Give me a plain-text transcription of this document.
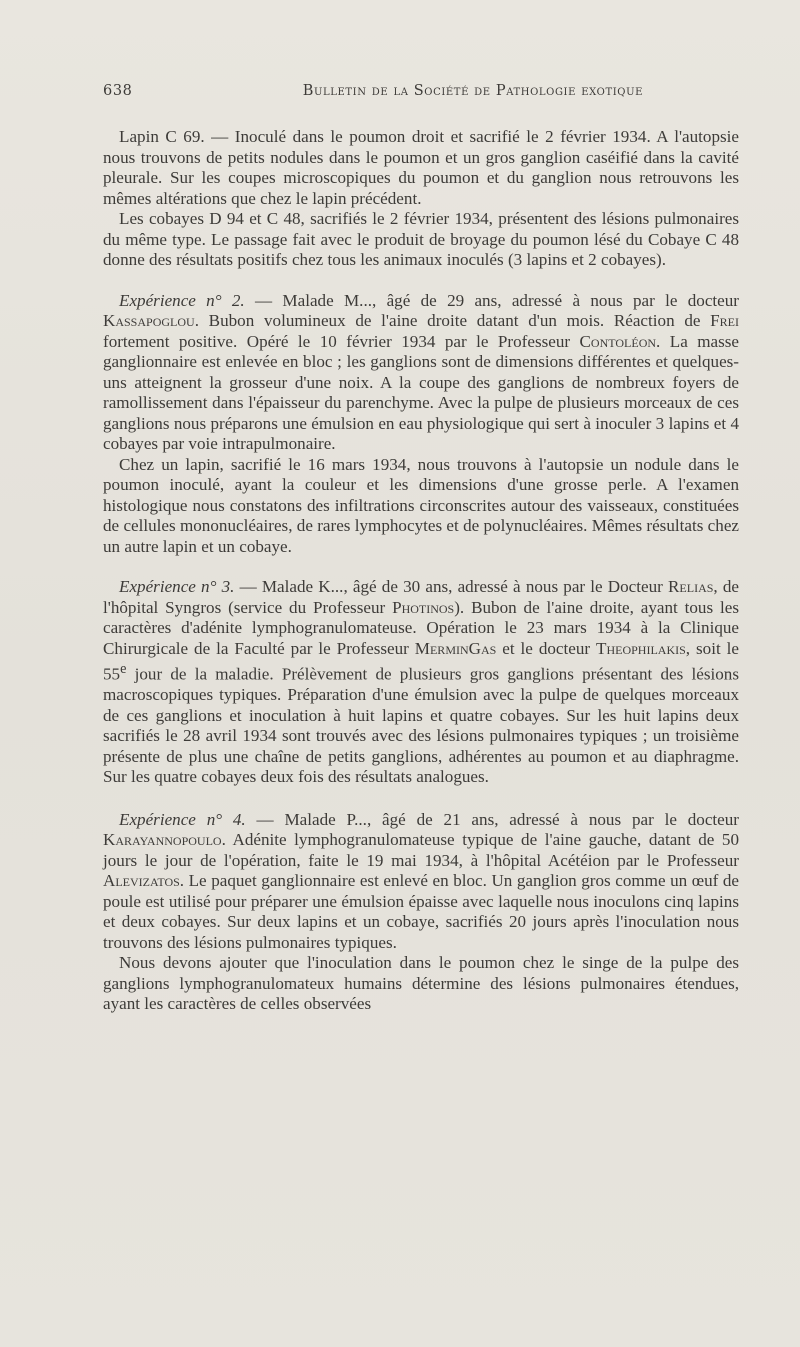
638	Bulletin de la Société de Pathologie exotique

Lapin C 69. — Inoculé dans le poumon droit et sacrifié le 2 février 1934. A l'autopsie nous trouvons de petits nodules dans le poumon et un gros ganglion caséifié dans la cavité pleurale. Sur les coupes microscopiques du poumon et du ganglion nous retrouvons les mêmes altérations que chez le lapin précédent.

Les cobayes D 94 et C 48, sacrifiés le 2 février 1934, présentent des lésions pulmonaires du même type. Le passage fait avec le produit de broyage du poumon lésé du Cobaye C 48 donne des résultats positifs chez tous les animaux inoculés (3 lapins et 2 cobayes).

Expérience n° 2. — Malade M..., âgé de 29 ans, adressé à nous par le docteur Kassapoglou. Bubon volumineux de l'aine droite datant d'un mois. Réaction de Frei fortement positive. Opéré le 10 février 1934 par le Professeur Contoléon. La masse ganglionnaire est enlevée en bloc ; les ganglions sont de dimensions différentes et quelques-uns atteignent la grosseur d'une noix. A la coupe des ganglions de nombreux foyers de ramollissement dans l'épaisseur du parenchyme. Avec la pulpe de plusieurs morceaux de ces ganglions nous préparons une émulsion en eau physiologique qui sert à inoculer 3 lapins et 4 cobayes par voie intrapulmonaire.

Chez un lapin, sacrifié le 16 mars 1934, nous trouvons à l'autopsie un nodule dans le poumon inoculé, ayant la couleur et les dimensions d'une grosse perle. A l'examen histologique nous constatons des infiltrations circonscrites autour des vaisseaux, constituées de cellules mononucléaires, de rares lymphocytes et de polynucléaires. Mêmes résultats chez un autre lapin et un cobaye.

Expérience n° 3. — Malade K..., âgé de 30 ans, adressé à nous par le Docteur Relias, de l'hôpital Syngros (service du Professeur Photinos). Bubon de l'aine droite, ayant tous les caractères d'adénite lymphogranulomateuse. Opération le 23 mars 1934 à la Clinique Chirurgicale de la Faculté par le Professeur MerminGas et le docteur Theophilakis, soit le 55e jour de la maladie. Prélèvement de plusieurs gros ganglions présentant des lésions macroscopiques typiques. Préparation d'une émulsion avec la pulpe de quelques morceaux de ces ganglions et inoculation à huit lapins et quatre cobayes. Sur les huit lapins deux sacrifiés le 28 avril 1934 sont trouvés avec des lésions pulmonaires typiques ; un troisième présente de plus une chaîne de petits ganglions, adhérentes au poumon et au diaphragme. Sur les quatre cobayes deux fois des résultats analogues.

Expérience n° 4. — Malade P..., âgé de 21 ans, adressé à nous par le docteur Karayannopoulo. Adénite lymphogranulomateuse typique de l'aine gauche, datant de 50 jours le jour de l'opération, faite le 19 mai 1934, à l'hôpital Acétéion par le Professeur Alevizatos. Le paquet ganglionnaire est enlevé en bloc. Un ganglion gros comme un œuf de poule est utilisé pour préparer une émulsion épaisse avec laquelle nous inoculons cinq lapins et deux cobayes. Sur deux lapins et un cobaye, sacrifiés 20 jours après l'inoculation nous trouvons des lésions pulmonaires typiques.

Nous devons ajouter que l'inoculation dans le poumon chez le singe de la pulpe des ganglions lymphogranulomateux humains détermine des lésions pulmonaires étendues, ayant les caractères de celles observées
